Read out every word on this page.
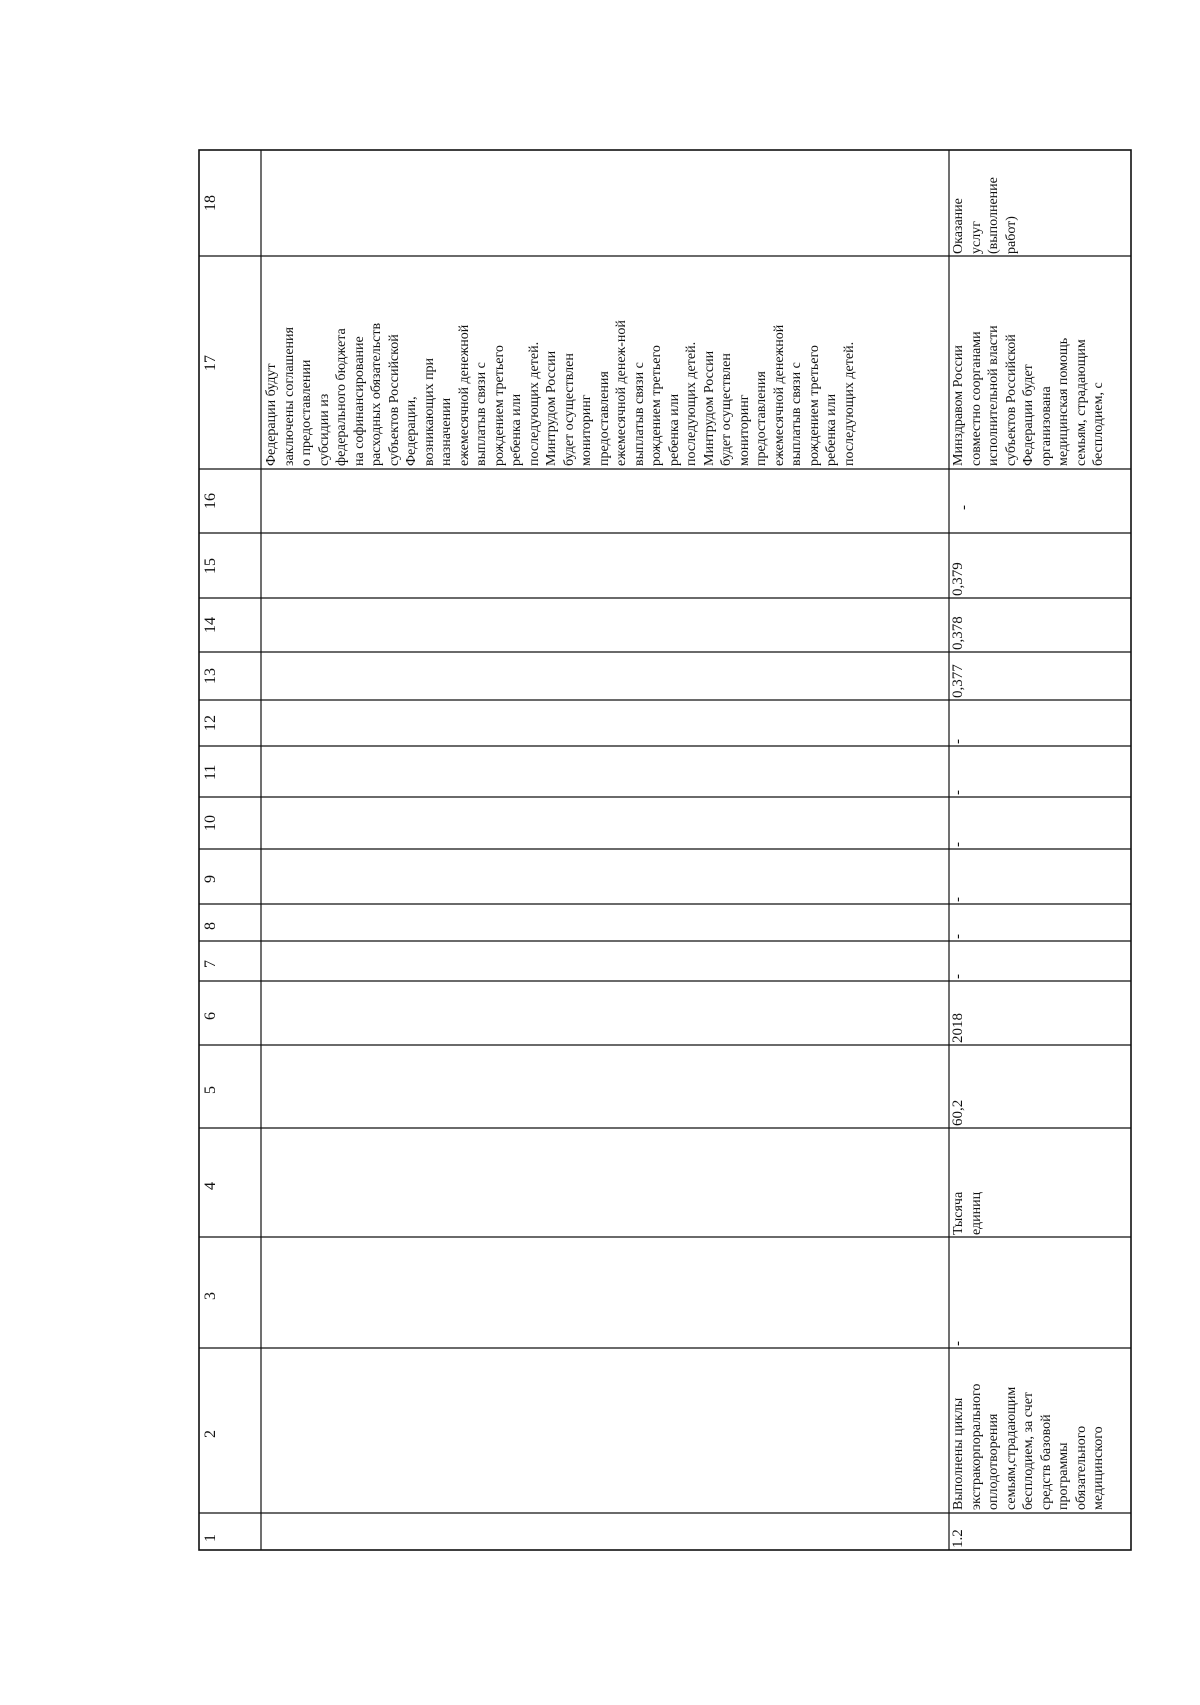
18
17
16
15
14
13
12
11
10
9
8
7
6
5
4
3
2
1
Федерации будут заключены соглашения о предоставлении субсидии из федерального бюджета на софинансирование расходных обязательств субъектов Российской Федерации, возникающих при назначении ежемесячной денежной выплатыв связи с рождением третьего ребенка или последующих детей. Минтрудом России будет осуществлен мониторинг предоставления ежемесячной денеж-ной выплатыв связи с рождением третьего ребенка или последующих детей. Минтрудом России будет осуществлен мониторинг предоставления ежемесячной денежной выплатыв связи с рождением третьего ребенка или последующих детей.
1.2
Выполнены циклы экстракорпорального оплодотворения семьям,страдающим бесплодием, за счет средств базовой программы обязательного медицинского
-
Тысяча единиц
60,2
2018
-
-
-
-
-
-
0,377
0,378
0,379
-
Минздравом России совместно соорганами исполнительной власти субъектов Российской Федерации будет организована медицинская помощь семьям, страдающим бесплодием, с
Оказание услуг (выполнение работ)
